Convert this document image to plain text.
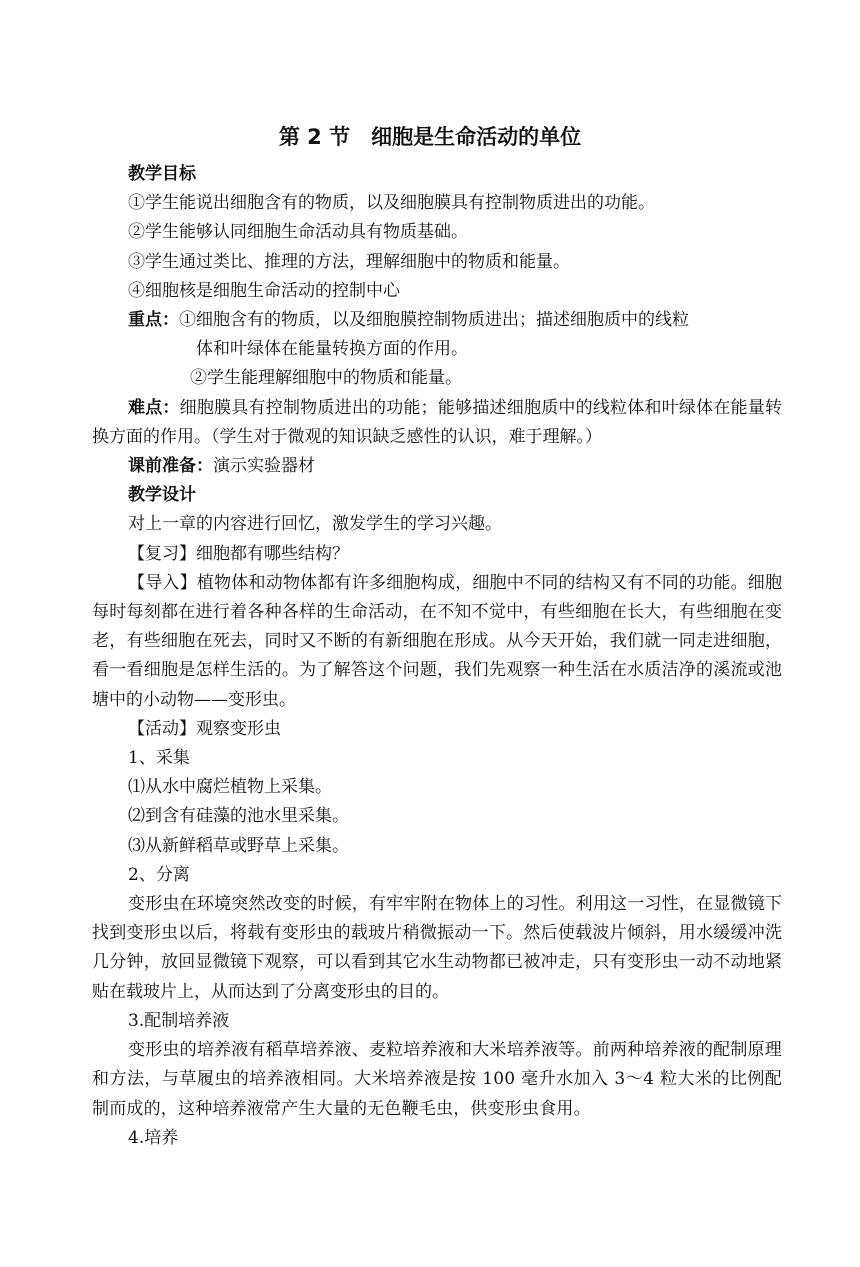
第 2 节　细胞是生命活动的单位

教学目标

①学生能说出细胞含有的物质，以及细胞膜具有控制物质进出的功能。

②学生能够认同细胞生命活动具有物质基础。

③学生通过类比、推理的方法，理解细胞中的物质和能量。

④细胞核是细胞生命活动的控制中心

重点：①细胞含有的物质，以及细胞膜控制物质进出；描述细胞质中的线粒

体和叶绿体在能量转换方面的作用。

②学生能理解细胞中的物质和能量。

难点：细胞膜具有控制物质进出的功能；能够描述细胞质中的线粒体和叶绿体在能量转换方面的作用。（学生对于微观的知识缺乏感性的认识，难于理解。）

课前准备：演示实验器材

教学设计

对上一章的内容进行回忆，激发学生的学习兴趣。

【复习】细胞都有哪些结构？

【导入】植物体和动物体都有许多细胞构成，细胞中不同的结构又有不同的功能。细胞每时每刻都在进行着各种各样的生命活动，在不知不觉中，有些细胞在长大，有些细胞在变老，有些细胞在死去，同时又不断的有新细胞在形成。从今天开始，我们就一同走进细胞，看一看细胞是怎样生活的。为了解答这个问题，我们先观察一种生活在水质洁净的溪流或池塘中的小动物——变形虫。

【活动】观察变形虫

1、采集

⑴从水中腐烂植物上采集。

⑵到含有硅藻的池水里采集。

⑶从新鲜稻草或野草上采集。

2、分离

变形虫在环境突然改变的时候，有牢牢附在物体上的习性。利用这一习性，在显微镜下找到变形虫以后，将载有变形虫的载玻片稍微振动一下。然后使载波片倾斜，用水缓缓冲洗几分钟，放回显微镜下观察，可以看到其它水生动物都已被冲走，只有变形虫一动不动地紧贴在载玻片上，从而达到了分离变形虫的目的。

3.配制培养液

变形虫的培养液有稻草培养液、麦粒培养液和大米培养液等。前两种培养液的配制原理和方法，与草履虫的培养液相同。大米培养液是按 100 毫升水加入 3～4 粒大米的比例配制而成的，这种培养液常产生大量的无色鞭毛虫，供变形虫食用。

4.培养
